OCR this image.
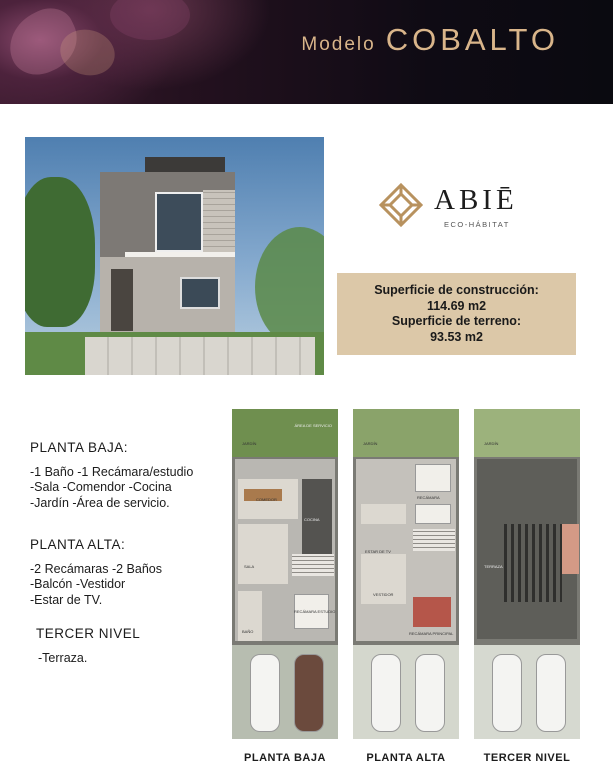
Modelo COBALTO
ABIĒ
ECO-HÁBITAT
Superficie de construcción:
114.69 m2
Superficie de terreno:
93.53 m2
PLANTA BAJA:
-1 Baño -1 Recámara/estudio
-Sala -Comendor -Cocina
-Jardín -Área de servicio.
PLANTA ALTA:
-2 Recámaras -2 Baños
-Balcón -Vestidor
-Estar de TV.
TERCER NIVEL
-Terraza.
ÁREA DE SERVICIO
COMEDOR
COCINA
RECÁMARA ESTUDIO
JARDÍN
SALA
BAÑO
JARDÍN
RECÁMARA
ESTAR DE TV
VESTIDOR
RECÁMARA PRINCIPAL
JARDÍN
TERRAZA
PLANTA BAJA	PLANTA ALTA	TERCER NIVEL
